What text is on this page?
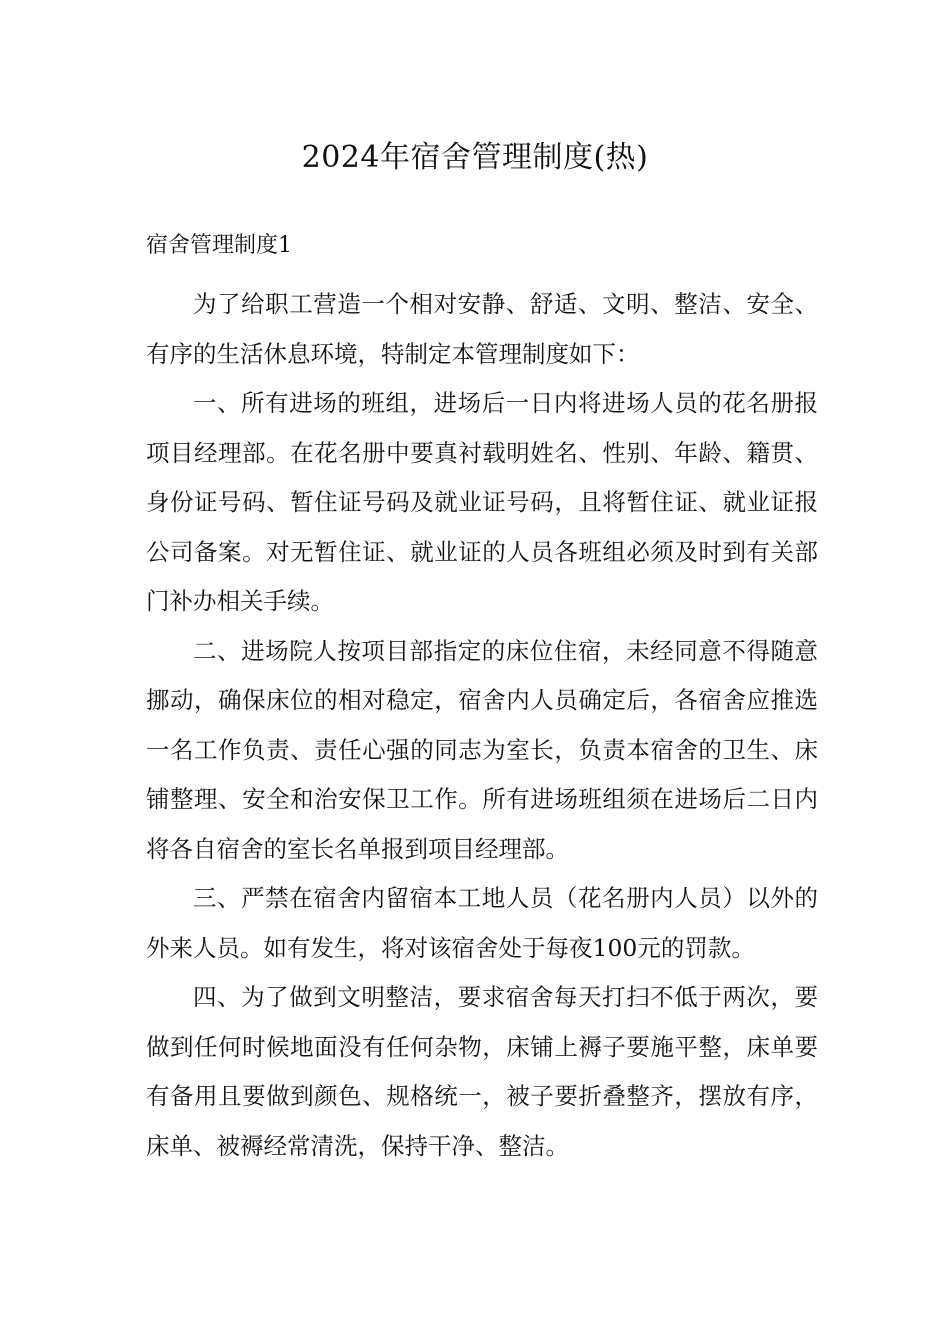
2024年宿舍管理制度(热)
宿舍管理制度1

为了给职工营造一个相对安静、舒适、文明、整洁、安全、有序的生活休息环境，特制定本管理制度如下：

一、所有进场的班组，进场后一日内将进场人员的花名册报项目经理部。在花名册中要真衬载明姓名、性别、年龄、籍贯、身份证号码、暂住证号码及就业证号码，且将暂住证、就业证报公司备案。对无暂住证、就业证的人员各班组必须及时到有关部门补办相关手续。

二、进场院人按项目部指定的床位住宿，未经同意不得随意挪动，确保床位的相对稳定，宿舍内人员确定后，各宿舍应推选一名工作负责、责任心强的同志为室长，负责本宿舍的卫生、床铺整理、安全和治安保卫工作。所有进场班组须在进场后二日内将各自宿舍的室长名单报到项目经理部。

三、严禁在宿舍内留宿本工地人员（花名册内人员）以外的外来人员。如有发生，将对该宿舍处于每夜100元的罚款。

四、为了做到文明整洁，要求宿舍每天打扫不低于两次，要做到任何时候地面没有任何杂物，床铺上褥子要施平整，床单要有备用且要做到颜色、规格统一，被子要折叠整齐，摆放有序，床单、被褥经常清洗，保持干净、整洁。
